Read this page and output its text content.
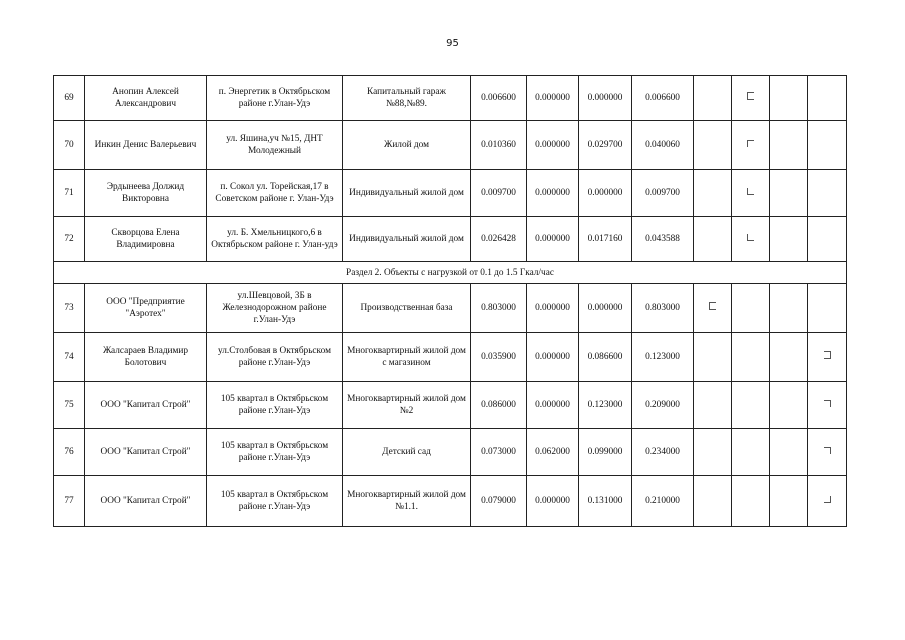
95
69	Анопин Алексей Александрович	п. Энергетик в Октябрьском районе г.Улан-Удэ	Капитальный гараж №88,№89.	0.006600	0.000000	0.000000	0.006600				
70	Инкин Денис Валерьевич	ул. Яшина,уч №15, ДНТ Молодежный	Жилой дом	0.010360	0.000000	0.029700	0.040060				
71	Эрдынеева Должид Викторовна	п. Сокол ул. Торейская,17 в Советском районе г. Улан-Удэ	Индивидуальный жилой дом	0.009700	0.000000	0.000000	0.009700				
72	Скворцова Елена Владимировна	ул. Б. Хмельницкого,6 в Октябрьском районе г. Улан-удэ	Индивидуальный жилой дом	0.026428	0.000000	0.017160	0.043588				
Раздел 2. Объекты с нагрузкой от 0.1 до 1.5 Гкал/час											
73	ООО "Предприятие "Аэротех"	ул.Шевцовой, 3Б в Железнодорожном районе г.Улан-Удэ	Производственная база	0.803000	0.000000	0.000000	0.803000				
74	Жалсараев Владимир Болотович	ул.Столбовая в Октябрьском районе г.Улан-Удэ	Многоквартирный жилой дом с магазином	0.035900	0.000000	0.086600	0.123000				
75	ООО "Капитал Строй"	105 квартал в Октябрьском районе г.Улан-Удэ	Многоквартирный жилой дом №2	0.086000	0.000000	0.123000	0.209000				
76	ООО "Капитал Строй"	105 квартал в Октябрьском районе г.Улан-Удэ	Детский сад	0.073000	0.062000	0.099000	0.234000				
77	ООО "Капитал Строй"	105 квартал в Октябрьском районе г.Улан-Удэ	Многоквартирный жилой дом №1.1.	0.079000	0.000000	0.131000	0.210000				
